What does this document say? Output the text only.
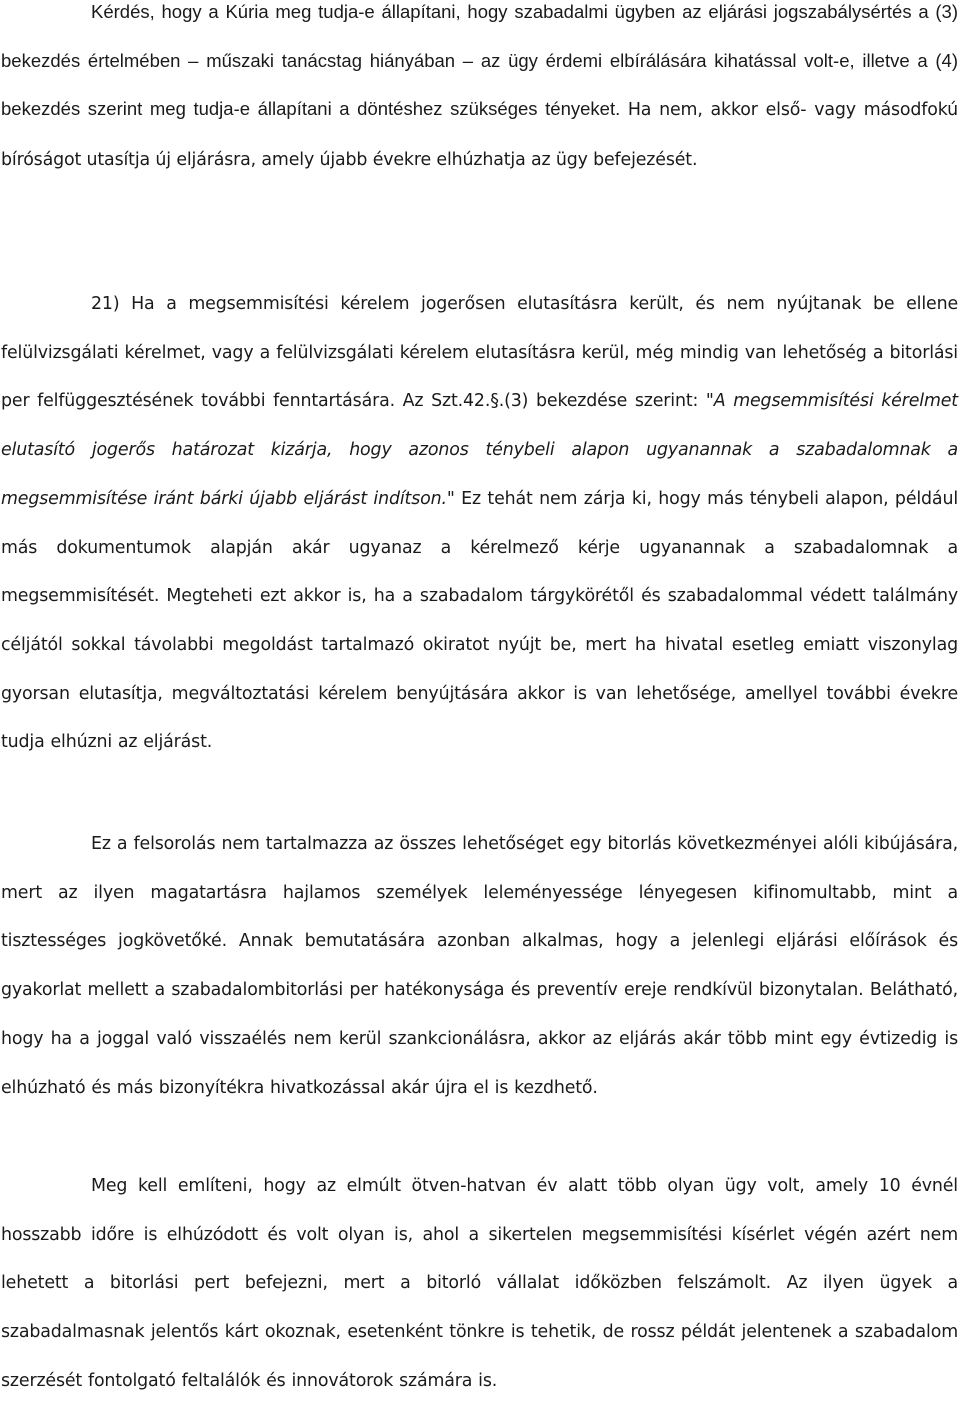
Kérdés, hogy a Kúria meg tudja-e állapítani, hogy szabadalmi ügyben az eljárási jogszabálysértés a (3) bekezdés értelmében – műszaki tanácstag hiányában – az ügy érdemi elbírálására kihatással volt-e, illetve a (4) bekezdés szerint meg tudja-e állapítani a döntéshez szükséges tényeket. Ha nem, akkor első- vagy másodfokú bíróságot utasítja új eljárásra, amely újabb évekre elhúzhatja az ügy befejezését.

21) Ha a megsemmisítési kérelem jogerősen elutasításra került, és nem nyújtanak be ellene felülvizsgálati kérelmet, vagy a felülvizsgálati kérelem elutasításra kerül, még mindig van lehetőség a bitorlási per felfüggesztésének további fenntartására. Az Szt.42.§.(3) bekezdése szerint: "A megsemmisítési kérelmet elutasító jogerős határozat kizárja, hogy azonos ténybeli alapon ugyanannak a szabadalomnak a megsemmisítése iránt bárki újabb eljárást indítson." Ez tehát nem zárja ki, hogy más ténybeli alapon, például más dokumentumok alapján akár ugyanaz a kérelmező kérje ugyanannak a szabadalomnak a megsemmisítését. Megteheti ezt akkor is, ha a szabadalom tárgykörétől és szabadalommal védett találmány céljától sokkal távolabbi megoldást tartalmazó okiratot nyújt be, mert ha hivatal esetleg emiatt viszonylag gyorsan elutasítja, megváltoztatási kérelem benyújtására akkor is van lehetősége, amellyel további évekre tudja elhúzni az eljárást.

Ez a felsorolás nem tartalmazza az összes lehetőséget egy bitorlás következményei alóli kibújására, mert az ilyen magatartásra hajlamos személyek leleményessége lényegesen kifinomultabb, mint a tisztességes jogkövetőké. Annak bemutatására azonban alkalmas, hogy a jelenlegi eljárási előírások és gyakorlat mellett a szabadalombitorlási per hatékonysága és preventív ereje rendkívül bizonytalan. Belátható, hogy ha a joggal való visszaélés nem kerül szankcionálásra, akkor az eljárás akár több mint egy évtizedig is elhúzható és más bizonyítékra hivatkozással akár újra el is kezdhető.

Meg kell említeni, hogy az elmúlt ötven-hatvan év alatt több olyan ügy volt, amely 10 évnél hosszabb időre is elhúzódott és volt olyan is, ahol a sikertelen megsemmisítési kísérlet végén azért nem lehetett a bitorlási pert befejezni, mert a bitorló vállalat időközben felszámolt. Az ilyen ügyek a szabadalmasnak jelentős kárt okoznak, esetenként tönkre is tehetik, de rossz példát jelentenek a szabadalom szerzését fontolgató feltalálók és innovátorok számára is.
